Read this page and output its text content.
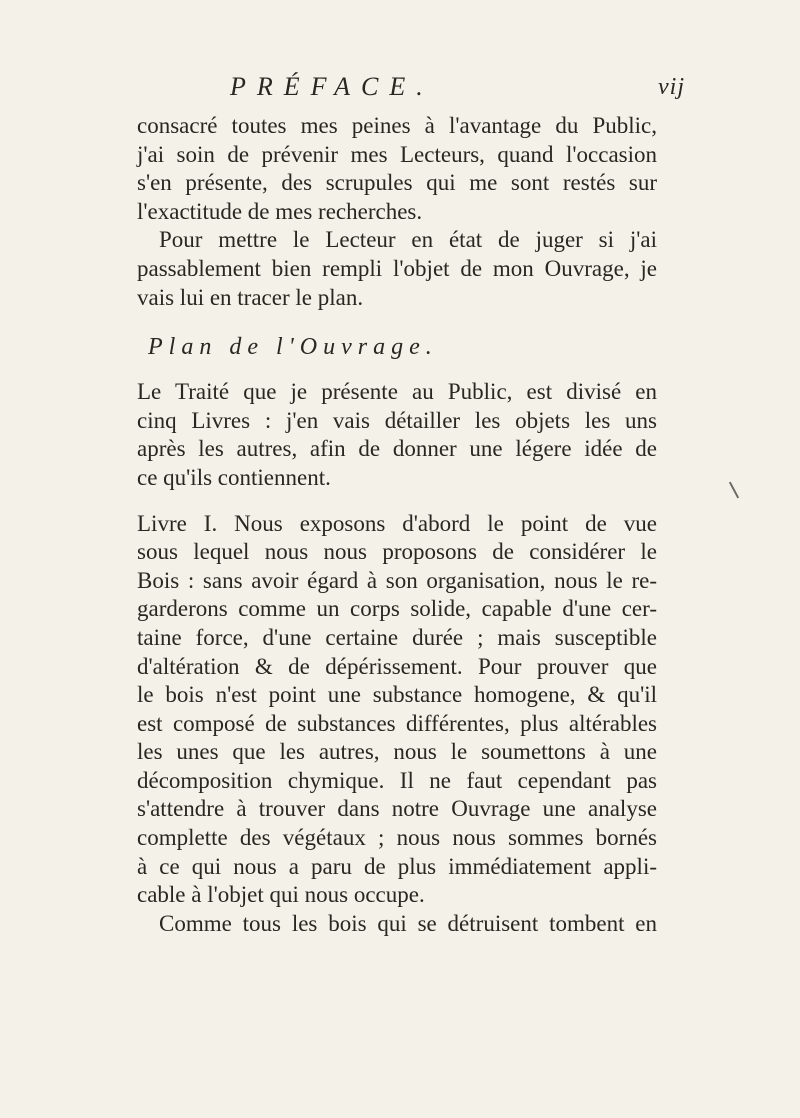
PRÉFACE.	vij
consacré toutes mes peines à l'avantage du Public,
j'ai soin de prévenir mes Lecteurs, quand l'occasion
s'en présente, des scrupules qui me sont restés sur
l'exactitude de mes recherches.
Pour mettre le Lecteur en état de juger si j'ai
passablement bien rempli l'objet de mon Ouvrage, je
vais lui en tracer le plan.
Plan de l'Ouvrage.
Le Traité que je présente au Public, est divisé en
cinq Livres : j'en vais détailler les objets les uns
après les autres, afin de donner une légere idée de
ce qu'ils contiennent.
Livre I. Nous exposons d'abord le point de vue
sous lequel nous nous proposons de considérer le
Bois : sans avoir égard à son organisation, nous le re-
garderons comme un corps solide, capable d'une cer-
taine force, d'une certaine durée ; mais susceptible
d'altération & de dépérissement. Pour prouver que
le bois n'est point une substance homogene, & qu'il
est composé de substances différentes, plus altérables
les unes que les autres, nous le soumettons à une
décomposition chymique. Il ne faut cependant pas
s'attendre à trouver dans notre Ouvrage une analyse
complette des végétaux ; nous nous sommes bornés
à ce qui nous a paru de plus immédiatement appli-
cable à l'objet qui nous occupe.
Comme tous les bois qui se détruisent tombent en
